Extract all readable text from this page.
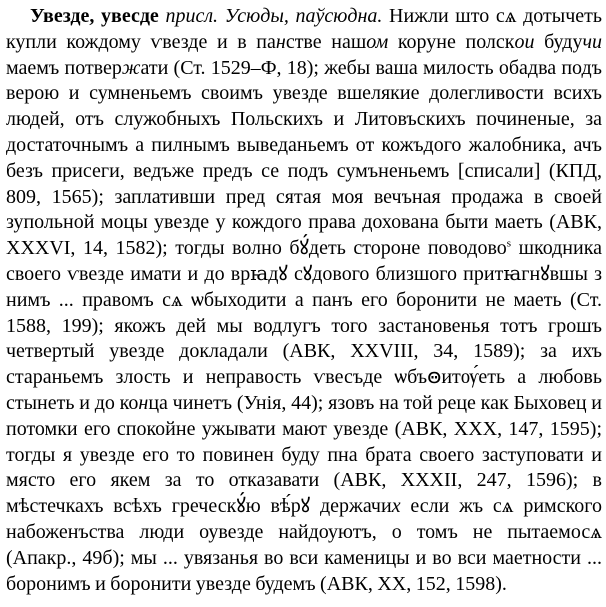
Увезде, увесде присл. Усюды, паўсюдна. Нижли што сѧ дотычеть купли кождому ѵвезде и в панстве нашом коруне полскои будучи маемъ потвержати (Ст. 1529–Ф, 18); жебы ваша милость обадва подъ верою и сумненьемъ своимъ увезде вшелякие долегливости всихъ людей, отъ служобныхъ Польскихъ и Литовъскихъ починеные, за достаточнымъ а пилнымъ выведаньемъ от кожъдого жалобника, ачъ безъ присеги, ведъже предъ се подъ сумъненьемъ [списали] (КПД, 809, 1565); заплативши пред сятая моя вечъная продажа в своей зупольной моцы увезде у кождого права дохована быти маеть (АВК, XXXVI, 14, 1582); тогды волно бꙋ́деть стороне поводово$^s$ шкодника своего ѵвезде имати и до врꙗдꙋ сꙋдового близшого притꙗгнꙋвшы з нимъ ... правомъ сѧ ѡбыходити а панъ его боронити не маеть (Ст. 1588, 199); якожъ дей мы водлугъ того застановенья тотъ грошъ четвертый увезде докладали (АВК, XXVIII, 34, 1589); за ихъ стараньемъ злость и неправость ѵвесъде ѡбъꙫитѹ́еть а любовь стынеть и до конца чинетъ (Унія, 44); язовъ на той реце как Быховец и потомки его спокойне ужывати мают увезде (АВК, XXX, 147, 1595); тогды я увезде его то повинен буду пна брата своего заступовати и място его якем за то отказавати (АВК, XXXII, 247, 1596); в мѣстечкахъ всѣхъ греческꙋ́ю вѣ́рꙋ держачих если жъ сѧ римского набоженъства люди оувезде найдоуютъ, о томъ не пытаемосѧ (Апакр., 49б); мы ... увязанья во вси каменицы и во вси маетности ... боронимъ и боронити увезде будемъ (АВК, XX, 152, 1598).
